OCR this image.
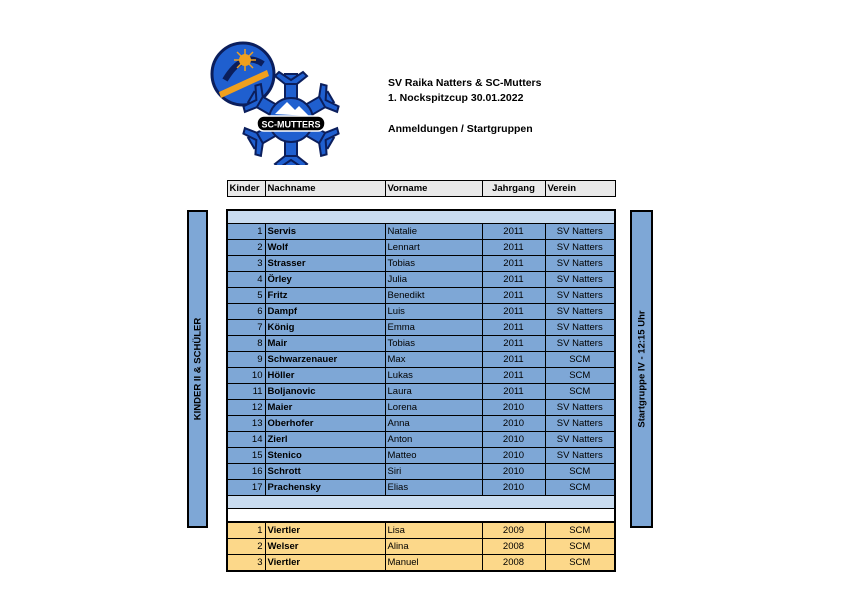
SC-MUTTERS
SV Raika Natters & SC-Mutters
1. Nockspitzcup 30.01.2022
Anmeldungen / Startgruppen
KINDER II & SCHÜLER	Startgruppe IV - 12:15 Uhr
Kinder	Nachname	Vorname	Jahrgang	Verein

1	Servis	Natalie	2011	SV Natters
2	Wolf	Lennart	2011	SV Natters
3	Strasser	Tobias	2011	SV Natters
4	Örley	Julia	2011	SV Natters
5	Fritz	Benedikt	2011	SV Natters
6	Dampf	Luis	2011	SV Natters
7	König	Emma	2011	SV Natters
8	Mair	Tobias	2011	SV Natters
9	Schwarzenauer	Max	2011	SCM
10	Höller	Lukas	2011	SCM
11	Boljanovic	Laura	2011	SCM
12	Maier	Lorena	2010	SV Natters
13	Oberhofer	Anna	2010	SV Natters
14	Zierl	Anton	2010	SV Natters
15	Stenico	Matteo	2010	SV Natters
16	Schrott	Siri	2010	SCM
17	Prachensky	Elias	2010	SCM

1	Viertler	Lisa	2009	SCM
2	Welser	Alina	2008	SCM
3	Viertler	Manuel	2008	SCM
